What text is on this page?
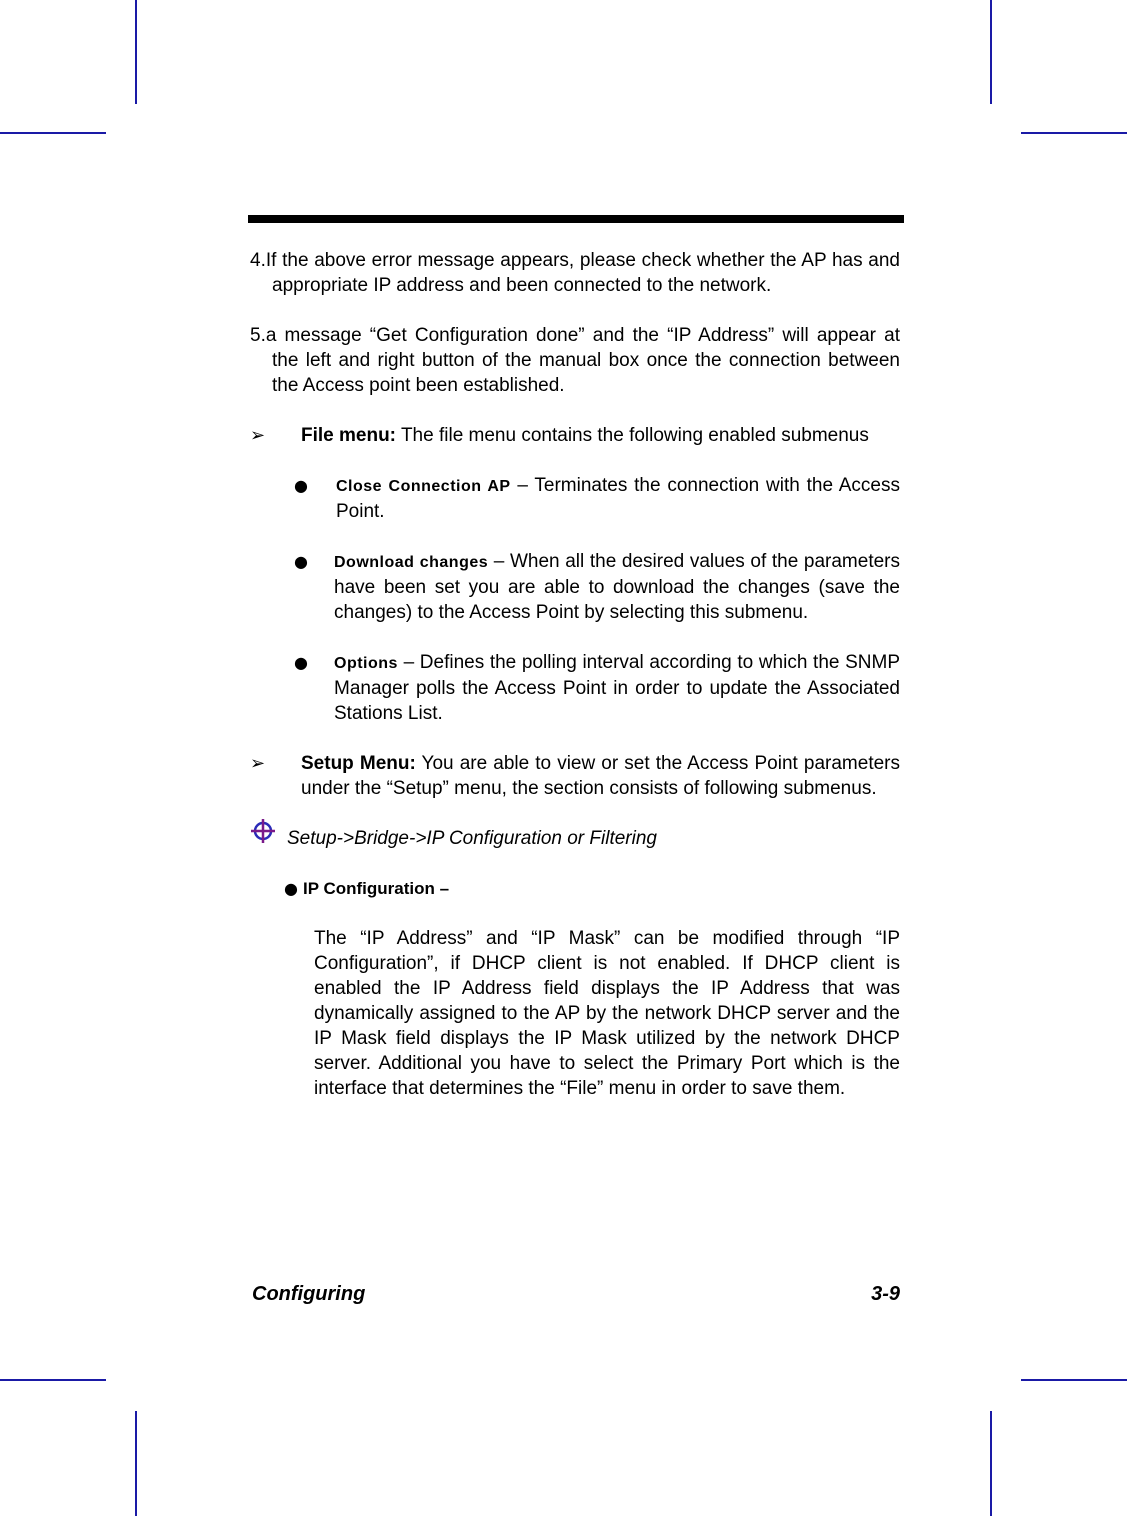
4.If the above error message appears, please check whether the AP has and appropriate IP address and been connected to the network.

5.a message “Get Configuration done” and the “IP Address” will appear at the left and right button of the manual box once the connection between the Access point been established.

➢ File menu: The file menu contains the following enabled submenus
● Close Connection AP – Terminates the connection with the Access Point.
● Download changes – When all the desired values of the parameters have been set you are able to download the changes (save the changes) to the Access Point by selecting this submenu.
● Options – Defines the polling interval according to which the SNMP Manager polls the Access Point in order to update the Associated Stations List.
➢ Setup Menu: You are able to view or set the Access Point parameters under the “Setup” menu, the section consists of following submenus.
Setup->Bridge->IP Configuration or Filtering
● IP Configuration –

The “IP Address” and “IP Mask” can be modified through “IP Configuration”, if DHCP client is not enabled. If DHCP client is enabled the IP Address field displays the IP Address that was dynamically assigned to the AP by the network DHCP server and the IP Mask field displays the IP Mask utilized by the network DHCP server. Additional you have to select the Primary Port which is the interface that determines the “File” menu in order to save them.

Configuring	3-9
